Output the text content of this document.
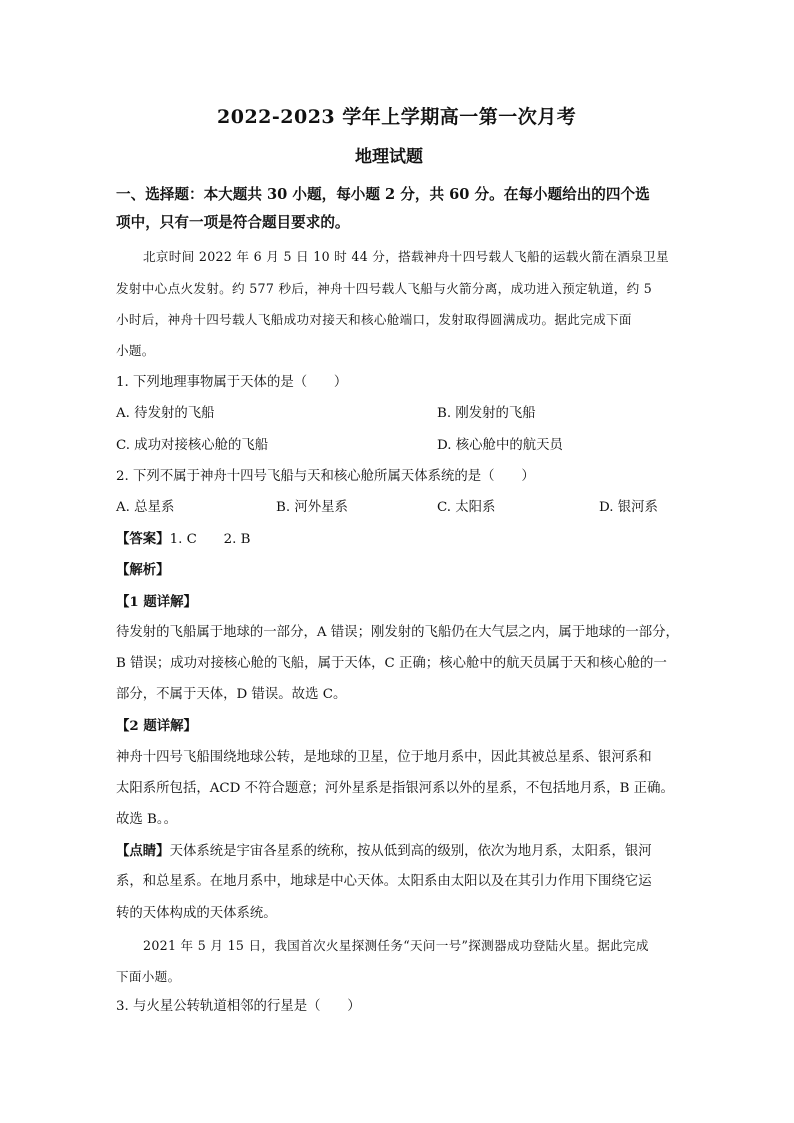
2022-2023 学年上学期高一第一次月考
地理试题
一、选择题：本大题共 30 小题，每小题 2 分，共 60 分。在每小题给出的四个选
项中，只有一项是符合题目要求的。
北京时间 2022 年 6 月 5 日 10 时 44 分，搭载神舟十四号载人飞船的运载火箭在酒泉卫星
发射中心点火发射。约 577 秒后，神舟十四号载人飞船与火箭分离，成功进入预定轨道，约 5
小时后，神舟十四号载人飞船成功对接天和核心舱端口，发射取得圆满成功。据此完成下面
小题。
1. 下列地理事物属于天体的是（　　）
A. 待发射的飞船	B. 刚发射的飞船
C. 成功对接核心舱的飞船	D. 核心舱中的航天员
2. 下列不属于神舟十四号飞船与天和核心舱所属天体系统的是（　　）
A. 总星系	B. 河外星系	C. 太阳系	D. 银河系
【答案】1. C　　2. B
【解析】
【1 题详解】
待发射的飞船属于地球的一部分，A 错误；刚发射的飞船仍在大气层之内，属于地球的一部分，
B 错误；成功对接核心舱的飞船，属于天体，C 正确；核心舱中的航天员属于天和核心舱的一
部分，不属于天体，D 错误。故选 C。
【2 题详解】
神舟十四号飞船围绕地球公转，是地球的卫星，位于地月系中，因此其被总星系、银河系和
太阳系所包括，ACD 不符合题意；河外星系是指银河系以外的星系，不包括地月系，B 正确。
故选 B。。
【点睛】天体系统是宇宙各星系的统称，按从低到高的级别，依次为地月系，太阳系，银河
系，和总星系。在地月系中，地球是中心天体。太阳系由太阳以及在其引力作用下围绕它运
转的天体构成的天体系统。
2021 年 5 月 15 日，我国首次火星探测任务“天问一号”探测器成功登陆火星。据此完成
下面小题。
3. 与火星公转轨道相邻的行星是（　　）
